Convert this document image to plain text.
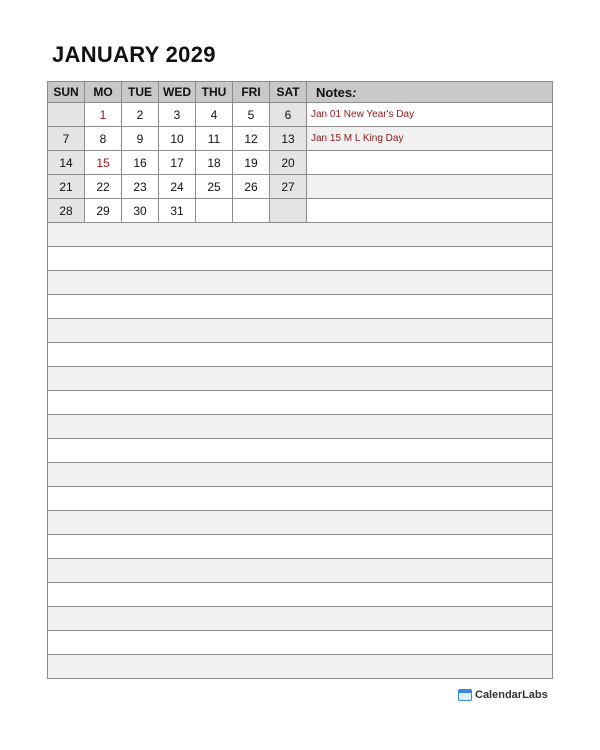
JANUARY 2029
SUN	MO	TUE	WED	THU	FRI	SAT	Notes:
	1	2	3	4	5	6	Jan 01 New Year's Day
7	8	9	10	11	12	13	Jan 15 M L King Day
14	15	16	17	18	19	20	
21	22	23	24	25	26	27	
28	29	30	31				

CalendarLabs
